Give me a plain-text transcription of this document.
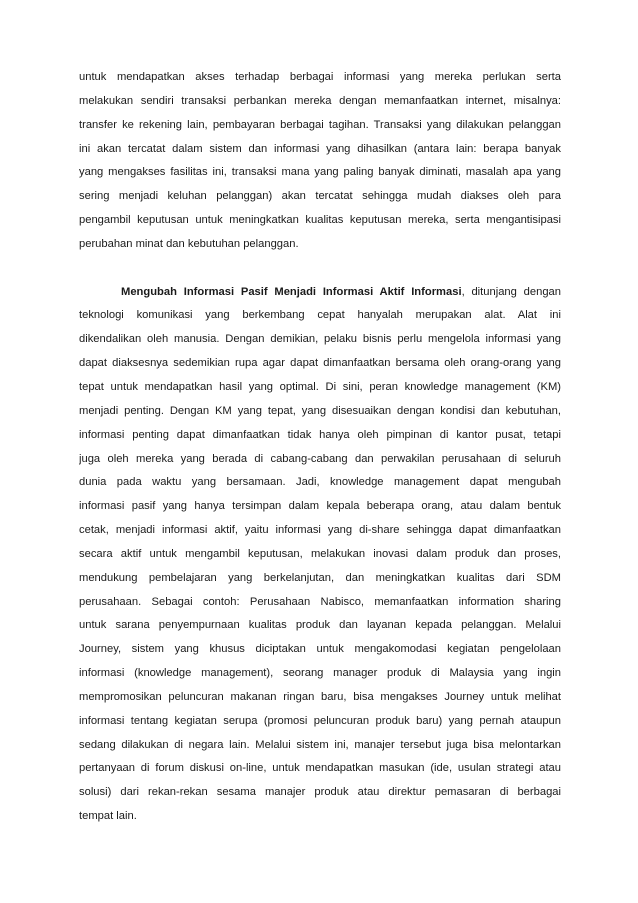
untuk mendapatkan akses terhadap berbagai informasi yang mereka perlukan serta
melakukan sendiri transaksi perbankan mereka dengan memanfaatkan internet, misalnya:
transfer ke rekening lain, pembayaran berbagai tagihan. Transaksi yang dilakukan pelanggan
ini akan tercatat dalam sistem dan informasi yang dihasilkan (antara lain: berapa banyak
yang mengakses fasilitas ini, transaksi mana yang paling banyak diminati, masalah apa yang
sering menjadi keluhan pelanggan) akan tercatat sehingga mudah diakses oleh para
pengambil keputusan untuk meningkatkan kualitas keputusan mereka, serta mengantisipasi
perubahan minat dan kebutuhan pelanggan.
Mengubah Informasi Pasif Menjadi Informasi Aktif Informasi, ditunjang dengan
teknologi komunikasi yang berkembang cepat hanyalah merupakan alat. Alat ini
dikendalikan oleh manusia. Dengan demikian, pelaku bisnis perlu mengelola informasi yang
dapat diaksesnya sedemikian rupa agar dapat dimanfaatkan bersama oleh orang-orang yang
tepat untuk mendapatkan hasil yang optimal. Di sini, peran knowledge management (KM)
menjadi penting. Dengan KM yang tepat, yang disesuaikan dengan kondisi dan kebutuhan,
informasi penting dapat dimanfaatkan tidak hanya oleh pimpinan di kantor pusat, tetapi
juga oleh mereka yang berada di cabang-cabang dan perwakilan perusahaan di seluruh
dunia pada waktu yang bersamaan. Jadi, knowledge management dapat mengubah
informasi pasif yang hanya tersimpan dalam kepala beberapa orang, atau dalam bentuk
cetak, menjadi informasi aktif, yaitu informasi yang di-share sehingga dapat dimanfaatkan
secara aktif untuk mengambil keputusan, melakukan inovasi dalam produk dan proses,
mendukung pembelajaran yang berkelanjutan, dan meningkatkan kualitas dari SDM
perusahaan. Sebagai contoh: Perusahaan Nabisco, memanfaatkan information sharing
untuk sarana penyempurnaan kualitas produk dan layanan kepada pelanggan. Melalui
Journey, sistem yang khusus diciptakan untuk mengakomodasi kegiatan pengelolaan
informasi (knowledge management), seorang manager produk di Malaysia yang ingin
mempromosikan peluncuran makanan ringan baru, bisa mengakses Journey untuk melihat
informasi tentang kegiatan serupa (promosi peluncuran produk baru) yang pernah ataupun
sedang dilakukan di negara lain. Melalui sistem ini, manajer tersebut juga bisa melontarkan
pertanyaan di forum diskusi on-line, untuk mendapatkan masukan (ide, usulan strategi atau
solusi) dari rekan-rekan sesama manajer produk atau direktur pemasaran di berbagai
tempat lain.
